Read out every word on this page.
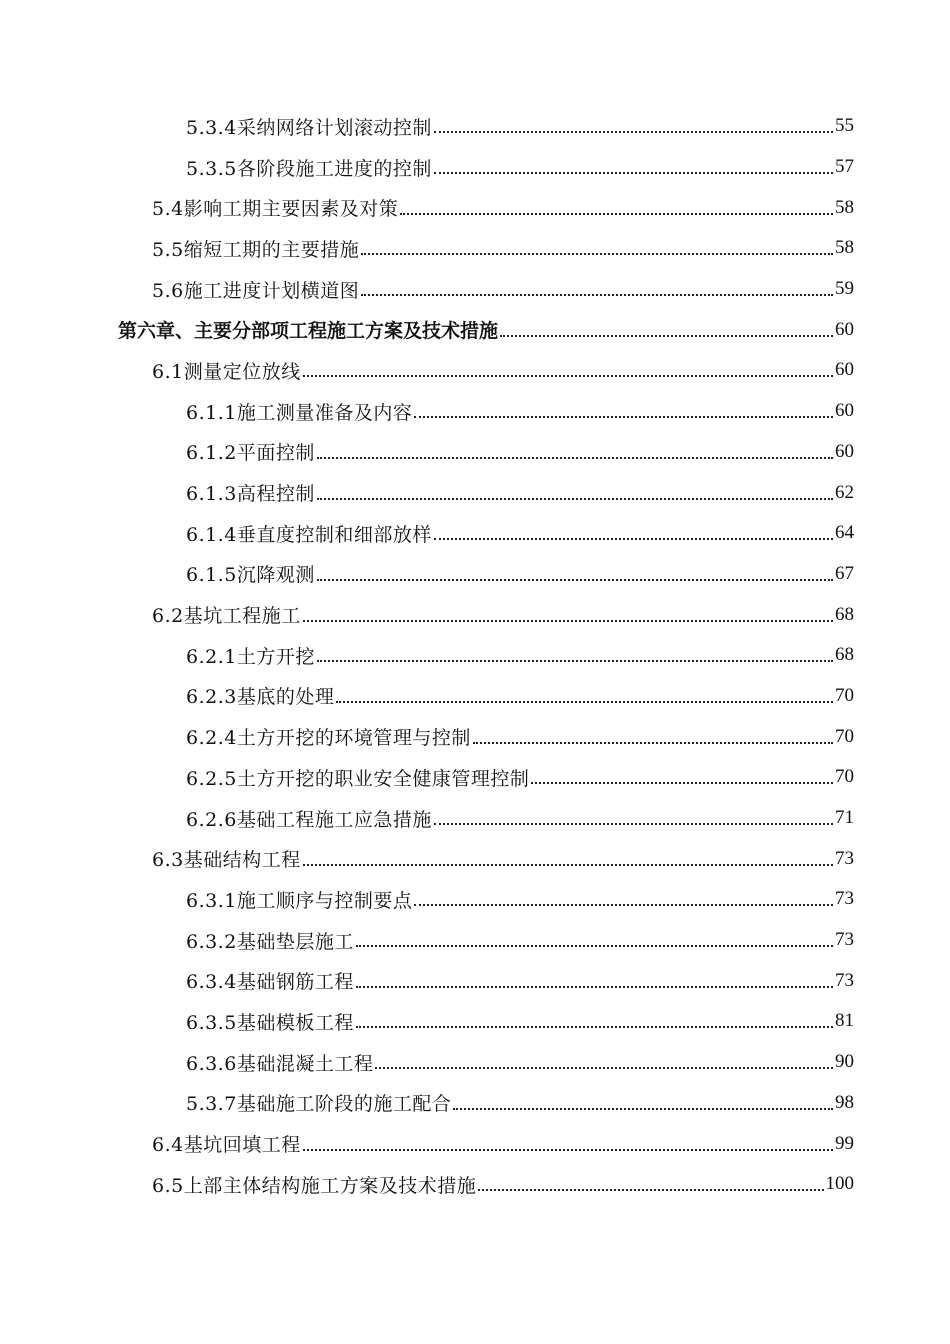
5.3.4采纳网络计划滚动控制	55
5.3.5各阶段施工进度的控制	57
5.4影响工期主要因素及对策	58
5.5缩短工期的主要措施	58
5.6施工进度计划横道图	59
第六章、主要分部项工程施工方案及技术措施	60
6.1测量定位放线	60
6.1.1施工测量准备及内容	60
6.1.2平面控制	60
6.1.3高程控制	62
6.1.4垂直度控制和细部放样	64
6.1.5沉降观测	67
6.2基坑工程施工	68
6.2.1土方开挖	68
6.2.3基底的处理	70
6.2.4土方开挖的环境管理与控制	70
6.2.5土方开挖的职业安全健康管理控制	70
6.2.6基础工程施工应急措施	71
6.3基础结构工程	73
6.3.1施工顺序与控制要点	73
6.3.2基础垫层施工	73
6.3.4基础钢筋工程	73
6.3.5基础模板工程	81
6.3.6基础混凝土工程	90
5.3.7基础施工阶段的施工配合	98
6.4基坑回填工程	99
6.5上部主体结构施工方案及技术措施	100
